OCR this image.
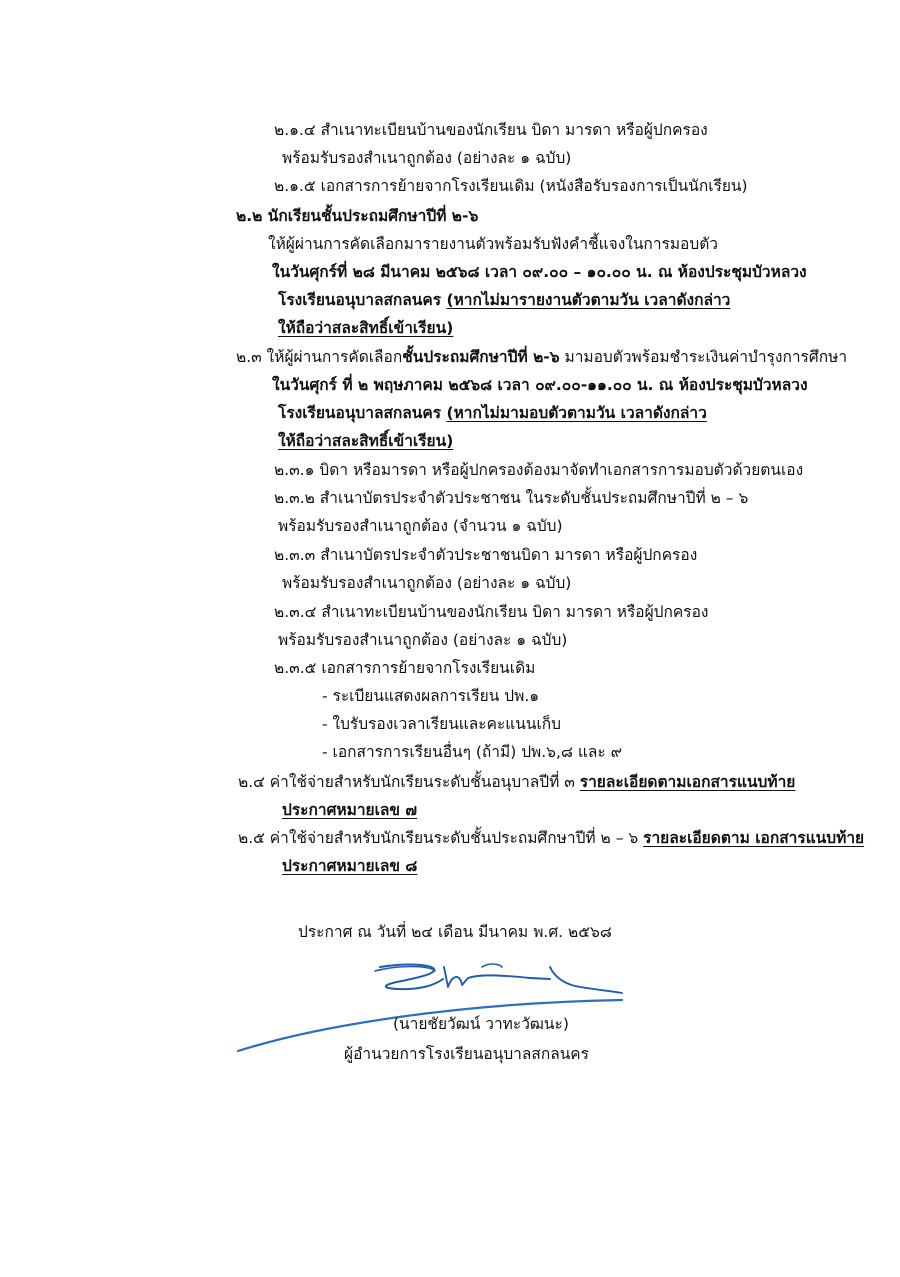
๒.๑.๔ สำเนาทะเบียนบ้านของนักเรียน บิดา มารดา หรือผู้ปกครอง

พร้อมรับรองสำเนาถูกต้อง (อย่างละ ๑ ฉบับ)

๒.๑.๕ เอกสารการย้ายจากโรงเรียนเดิม (หนังสือรับรองการเป็นนักเรียน)

๒.๒ นักเรียนชั้นประถมศึกษาปีที่ ๒-๖

ให้ผู้ผ่านการคัดเลือกมารายงานตัวพร้อมรับฟังคำชี้แจงในการมอบตัว

ในวันศุกร์ที่ ๒๘ มีนาคม ๒๕๖๘ เวลา ๐๙.๐๐ – ๑๐.๐๐ น. ณ ห้องประชุมบัวหลวง

โรงเรียนอนุบาลสกลนคร (หากไม่มารายงานตัวตามวัน เวลาดังกล่าว

ให้ถือว่าสละสิทธิ์เข้าเรียน)

๒.๓ ให้ผู้ผ่านการคัดเลือกชั้นประถมศึกษาปีที่ ๒-๖ มามอบตัวพร้อมชำระเงินค่าบำรุงการศึกษา

ในวันศุกร์ ที่ ๒ พฤษภาคม ๒๕๖๘ เวลา ๐๙.๐๐-๑๑.๐๐ น. ณ ห้องประชุมบัวหลวง

โรงเรียนอนุบาลสกลนคร (หากไม่มามอบตัวตามวัน เวลาดังกล่าว

ให้ถือว่าสละสิทธิ์เข้าเรียน)

๒.๓.๑ บิดา หรือมารดา หรือผู้ปกครองต้องมาจัดทำเอกสารการมอบตัวด้วยตนเอง

๒.๓.๒ สำเนาบัตรประจำตัวประชาชน ในระดับชั้นประถมศึกษาปีที่ ๒ – ๖

พร้อมรับรองสำเนาถูกต้อง (จำนวน ๑ ฉบับ)

๒.๓.๓ สำเนาบัตรประจำตัวประชาชนบิดา มารดา หรือผู้ปกครอง

พร้อมรับรองสำเนาถูกต้อง (อย่างละ ๑ ฉบับ)

๒.๓.๔ สำเนาทะเบียนบ้านของนักเรียน บิดา มารดา หรือผู้ปกครอง

พร้อมรับรองสำเนาถูกต้อง (อย่างละ ๑ ฉบับ)

๒.๓.๕ เอกสารการย้ายจากโรงเรียนเดิม

- ระเบียนแสดงผลการเรียน ปพ.๑

- ใบรับรองเวลาเรียนและคะแนนเก็บ

- เอกสารการเรียนอื่นๆ (ถ้ามี) ปพ.๖,๘ และ ๙

๒.๔ ค่าใช้จ่ายสำหรับนักเรียนระดับชั้นอนุบาลปีที่ ๓ รายละเอียดตามเอกสารแนบท้าย

ประกาศหมายเลข ๗

๒.๕ ค่าใช้จ่ายสำหรับนักเรียนระดับชั้นประถมศึกษาปีที่ ๒ – ๖ รายละเอียดตาม เอกสารแนบท้าย

ประกาศหมายเลข ๘

ประกาศ ณ วันที่ ๒๔ เดือน มีนาคม พ.ศ. ๒๕๖๘

(นายชัยวัฒน์ วาทะวัฒนะ)

ผู้อำนวยการโรงเรียนอนุบาลสกลนคร
